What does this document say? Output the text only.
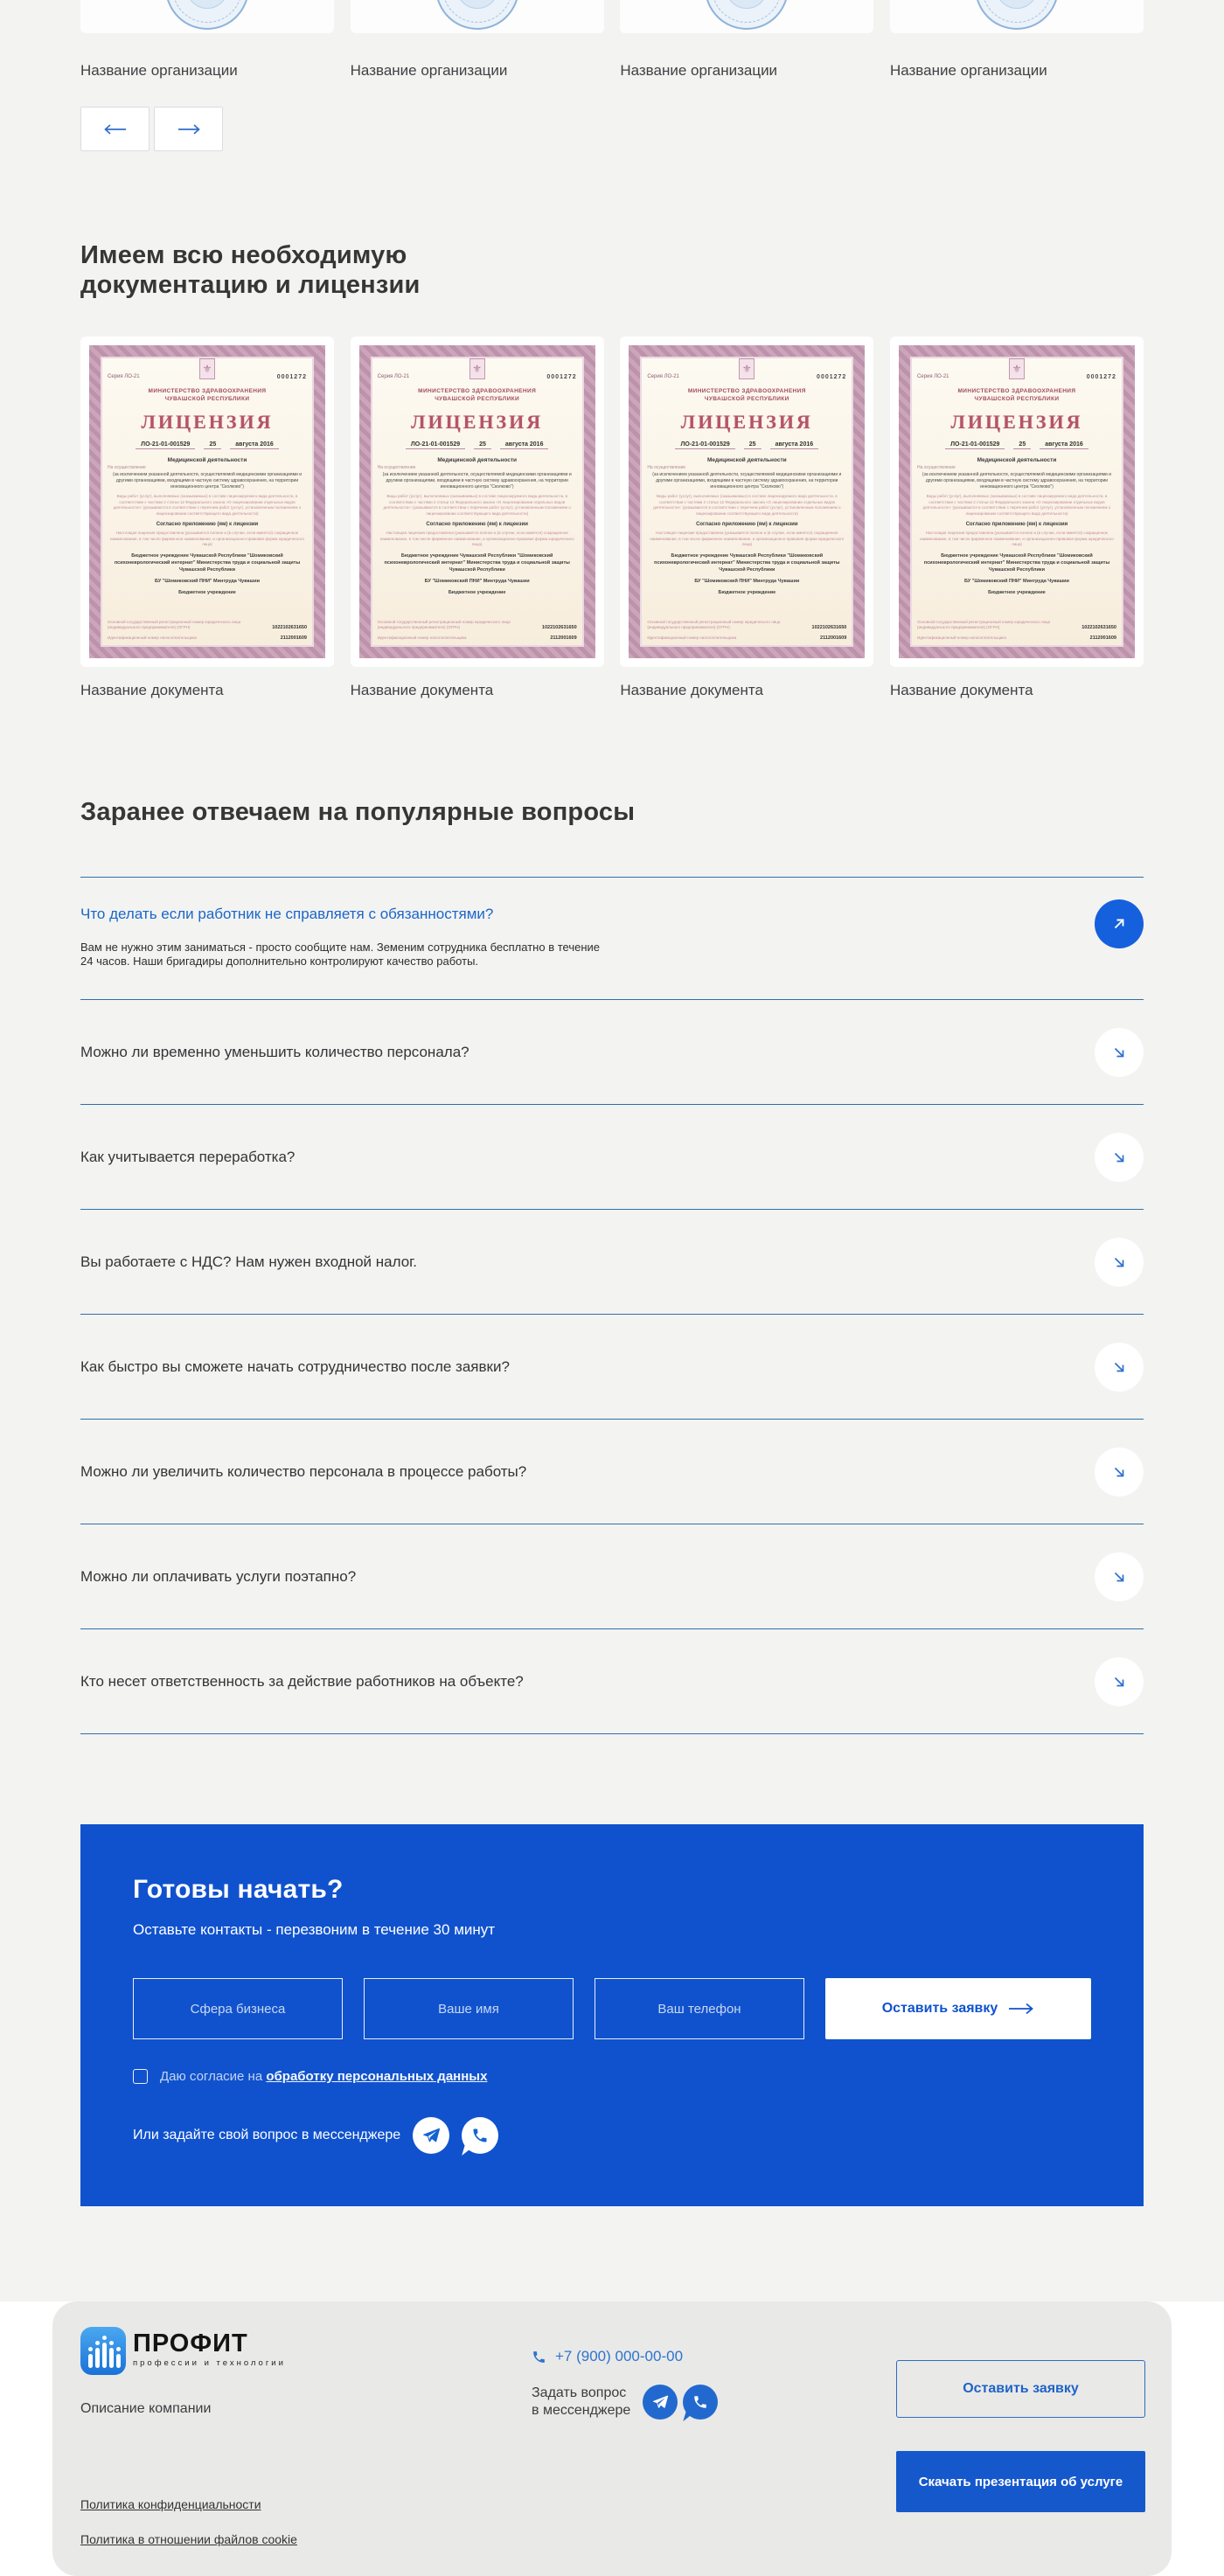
Название организации	Название организации	Название организации	Название организации
Имеем всю необходимую
документацию и лицензии
⚜
Серия ЛО-21	0001272
МИНИСТЕРСТВО ЗДРАВООХРАНЕНИЯ
ЧУВАШСКОЙ РЕСПУБЛИКИ
ЛИЦЕНЗИЯ
ЛО-21-01-001529	25	августа 2016
Медицинской деятельности
На осуществление
(за исключением указанной деятельности, осуществляемой медицинскими организациями и другими организациями, входящими в частную систему здравоохранения, на территории инновационного центра "Сколково")
Виды работ (услуг), выполняемых (оказываемых) в составе лицензируемого вида деятельности, в соответствии с частями 2 статьи 12 Федерального закона «О лицензировании отдельных видов деятельности»: (указываются в соответствии с перечнем работ (услуг), установленным положением о лицензировании соответствующего вида деятельности)
Согласно приложению (ям) к лицензии
Настоящая лицензия предоставлена (указывается полное и (в случае, если имеется) сокращенное наименование, в том числе фирменное наименование, и организационно-правовая форма юридического лица)
Бюджетное учреждение Чувашской Республики "Шомиковский психоневрологический интернат" Министерства труда и социальной защиты Чувашской Республики
БУ "Шомиковский ПНИ" Минтруда Чувашии
Бюджетное учреждение
Основной государственный регистрационный номер юридического лица (индивидуального предпринимателя) (ОГРН)	1022102631650
Идентификационный номер налогоплательщика	2112001609
Название документа
⚜
Серия ЛО-21	0001272
МИНИСТЕРСТВО ЗДРАВООХРАНЕНИЯ
ЧУВАШСКОЙ РЕСПУБЛИКИ
ЛИЦЕНЗИЯ
ЛО-21-01-001529	25	августа 2016
Медицинской деятельности
На осуществление
(за исключением указанной деятельности, осуществляемой медицинскими организациями и другими организациями, входящими в частную систему здравоохранения, на территории инновационного центра "Сколково")
Виды работ (услуг), выполняемых (оказываемых) в составе лицензируемого вида деятельности, в соответствии с частями 2 статьи 12 Федерального закона «О лицензировании отдельных видов деятельности»: (указываются в соответствии с перечнем работ (услуг), установленным положением о лицензировании соответствующего вида деятельности)
Согласно приложению (ям) к лицензии
Настоящая лицензия предоставлена (указывается полное и (в случае, если имеется) сокращенное наименование, в том числе фирменное наименование, и организационно-правовая форма юридического лица)
Бюджетное учреждение Чувашской Республики "Шомиковский психоневрологический интернат" Министерства труда и социальной защиты Чувашской Республики
БУ "Шомиковский ПНИ" Минтруда Чувашии
Бюджетное учреждение
Основной государственный регистрационный номер юридического лица (индивидуального предпринимателя) (ОГРН)	1022102631650
Идентификационный номер налогоплательщика	2112001609
Название документа
⚜
Серия ЛО-21	0001272
МИНИСТЕРСТВО ЗДРАВООХРАНЕНИЯ
ЧУВАШСКОЙ РЕСПУБЛИКИ
ЛИЦЕНЗИЯ
ЛО-21-01-001529	25	августа 2016
Медицинской деятельности
На осуществление
(за исключением указанной деятельности, осуществляемой медицинскими организациями и другими организациями, входящими в частную систему здравоохранения, на территории инновационного центра "Сколково")
Виды работ (услуг), выполняемых (оказываемых) в составе лицензируемого вида деятельности, в соответствии с частями 2 статьи 12 Федерального закона «О лицензировании отдельных видов деятельности»: (указываются в соответствии с перечнем работ (услуг), установленным положением о лицензировании соответствующего вида деятельности)
Согласно приложению (ям) к лицензии
Настоящая лицензия предоставлена (указывается полное и (в случае, если имеется) сокращенное наименование, в том числе фирменное наименование, и организационно-правовая форма юридического лица)
Бюджетное учреждение Чувашской Республики "Шомиковский психоневрологический интернат" Министерства труда и социальной защиты Чувашской Республики
БУ "Шомиковский ПНИ" Минтруда Чувашии
Бюджетное учреждение
Основной государственный регистрационный номер юридического лица (индивидуального предпринимателя) (ОГРН)	1022102631650
Идентификационный номер налогоплательщика	2112001609
Название документа
⚜
Серия ЛО-21	0001272
МИНИСТЕРСТВО ЗДРАВООХРАНЕНИЯ
ЧУВАШСКОЙ РЕСПУБЛИКИ
ЛИЦЕНЗИЯ
ЛО-21-01-001529	25	августа 2016
Медицинской деятельности
На осуществление
(за исключением указанной деятельности, осуществляемой медицинскими организациями и другими организациями, входящими в частную систему здравоохранения, на территории инновационного центра "Сколково")
Виды работ (услуг), выполняемых (оказываемых) в составе лицензируемого вида деятельности, в соответствии с частями 2 статьи 12 Федерального закона «О лицензировании отдельных видов деятельности»: (указываются в соответствии с перечнем работ (услуг), установленным положением о лицензировании соответствующего вида деятельности)
Согласно приложению (ям) к лицензии
Настоящая лицензия предоставлена (указывается полное и (в случае, если имеется) сокращенное наименование, в том числе фирменное наименование, и организационно-правовая форма юридического лица)
Бюджетное учреждение Чувашской Республики "Шомиковский психоневрологический интернат" Министерства труда и социальной защиты Чувашской Республики
БУ "Шомиковский ПНИ" Минтруда Чувашии
Бюджетное учреждение
Основной государственный регистрационный номер юридического лица (индивидуального предпринимателя) (ОГРН)	1022102631650
Идентификационный номер налогоплательщика	2112001609
Название документа
Заранее отвечаем на популярные вопросы
Что делать если работник не справляетя с обязанностями?
Вам не нужно этим заниматься - просто сообщите нам. Земеним сотрудника бесплатно в течение 24 часов. Наши бригадиры дополнительно контролируют качество работы.
Можно ли временно уменьшить количество персонала?
Как учитывается переработка?
Вы работаете с НДС? Нам нужен входной налог.
Как быстро вы сможете начать сотрудничество после заявки?
Можно ли увеличить количество персонала в процессе работы?
Можно ли оплачивать услуги поэтапно?
Кто несет ответственность за действие работников на объекте?
Готовы начать?
Оставьте контакты - перезвоним в течение 30 минут
Сфера бизнеса
Ваше имя
Ваш телефон
Оставить заявку
Даю согласие на обработку персональных данных
Или задайте свой вопрос в мессенджере
ПРОФИТ
профессии и технологии
Описание компании
+7 (900) 000-00-00
Задать вопрос
в мессенджере
Оставить заявку Скачать презентация об услуге
Политика конфиденциальности
Политика в отношении файлов cookie
